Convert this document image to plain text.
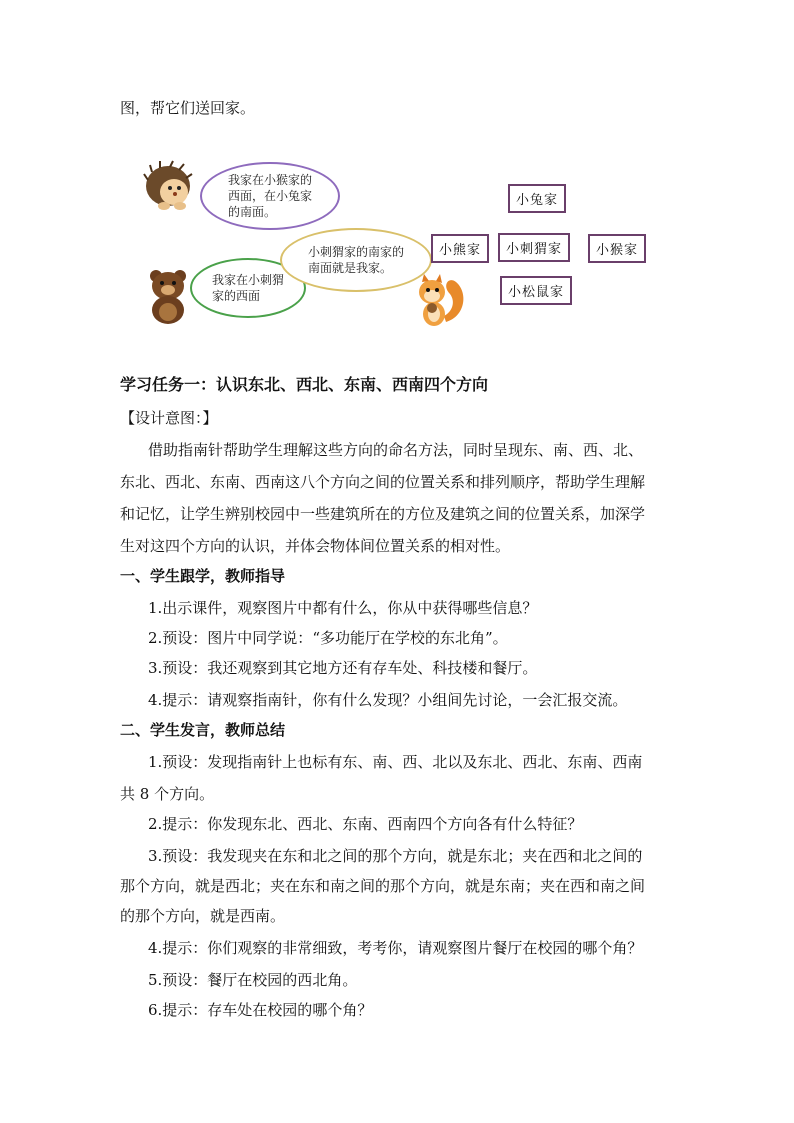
图，帮它们送回家。
我家在小猴家的
西面，在小兔家
的南面。
我家在小刺猬
家的西面
小刺猬家的南家的
南面就是我家。
小兔家
小熊家	小刺猬家	小猴家
小松鼠家
学习任务一：认识东北、西北、东南、西南四个方向
【设计意图：】
借助指南针帮助学生理解这些方向的命名方法，同时呈现东、南、西、北、
东北、西北、东南、西南这八个方向之间的位置关系和排列顺序，帮助学生理解
和记忆，让学生辨别校园中一些建筑所在的方位及建筑之间的位置关系，加深学
生对这四个方向的认识，并体会物体间位置关系的相对性。
一、学生跟学，教师指导
1.出示课件，观察图片中都有什么，你从中获得哪些信息？
2.预设：图片中同学说：“多功能厅在学校的东北角”。
3.预设：我还观察到其它地方还有存车处、科技楼和餐厅。
4.提示：请观察指南针，你有什么发现？小组间先讨论，一会汇报交流。
二、学生发言，教师总结
1.预设：发现指南针上也标有东、南、西、北以及东北、西北、东南、西南
共 8 个方向。
2.提示：你发现东北、西北、东南、西南四个方向各有什么特征？
3.预设：我发现夹在东和北之间的那个方向，就是东北；夹在西和北之间的
那个方向，就是西北；夹在东和南之间的那个方向，就是东南；夹在西和南之间
的那个方向，就是西南。
4.提示：你们观察的非常细致，考考你，请观察图片餐厅在校园的哪个角？
5.预设：餐厅在校园的西北角。
6.提示：存车处在校园的哪个角？
